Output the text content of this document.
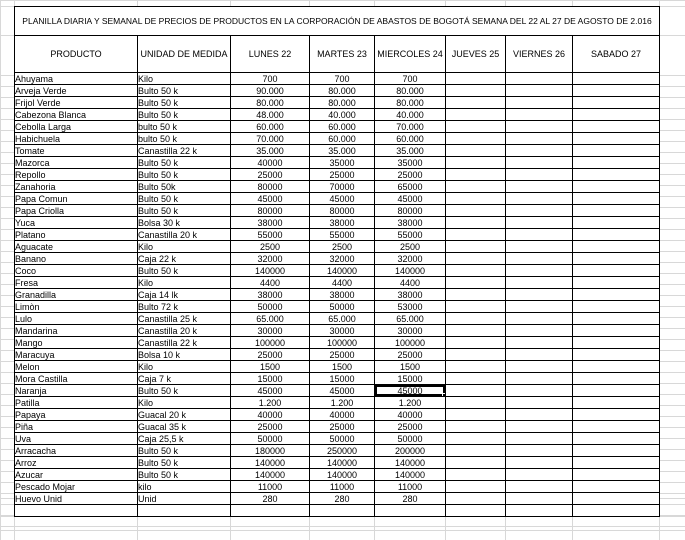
PLANILLA DIARIA Y SEMANAL DE PRECIOS DE PRODUCTOS EN LA CORPORACIÓN DE ABASTOS DE BOGOTÁ SEMANA DEL 22 AL 27 DE AGOSTO DE 2.016							
PRODUCTO	UNIDAD DE MEDIDA	LUNES 22	MARTES 23	MIERCOLES 24	JUEVES 25	VIERNES 26	SABADO 27
Ahuyama	Kilo	700	700	700			
Arveja Verde	Bulto 50 k	90.000	80.000	80.000			
Frijol Verde	Bulto 50 k	80.000	80.000	80.000			
Cabezona Blanca	Bulto 50 k	48.000	40.000	40.000			
Cebolla Larga	bulto 50 k	60.000	60.000	70.000			
Habichuela	bulto 50 k	70.000	60.000	60.000			
Tomate	Canastilla 22 k	35.000	35.000	35.000			
Mazorca	Bulto 50 k	40000	35000	35000			
Repollo	Bulto 50 k	25000	25000	25000			
Zanahoria	Bulto 50k	80000	70000	65000			
Papa Comun	Bulto 50 k	45000	45000	45000			
Papa Criolla	Bulto 50 k	80000	80000	80000			
Yuca	Bolsa 30 k	38000	38000	38000			
Platano	Canastilla 20 k	55000	55000	55000			
Aguacate	Kilo	2500	2500	2500			
Banano	Caja 22 k	32000	32000	32000			
Coco	Bulto 50 k	140000	140000	140000			
Fresa	Kilo	4400	4400	4400			
Granadilla	Caja 14 lk	38000	38000	38000			
Limòn	Bulto 72 k	50000	50000	53000			
Lulo	Canastilla 25 k	65.000	65.000	65.000			
Mandarina	Canastilla 20 k	30000	30000	30000			
Mango	Canastilla 22 k	100000	100000	100000			
Maracuya	Bolsa 10 k	25000	25000	25000			
Melon	Kilo	1500	1500	1500			
Mora Castilla	Caja 7 k	15000	15000	15000			
Naranja	Bulto 50 k	45000	45000	45000

Patilla	Kilo	1.200	1.200	1.200			
Papaya	Guacal 20 k	40000	40000	40000			
Piña	Guacal 35 k	25000	25000	25000			
Uva	Caja 25,5 k	50000	50000	50000			
Arracacha	Bulto 50 k	180000	250000	200000			
Arroz	Bulto 50 k	140000	140000	140000			
Azucar	Bulto 50 k	140000	140000	140000			
Pescado Mojar	kilo	11000	11000	11000			
Huevo Unid	Unid	280	280	280			
